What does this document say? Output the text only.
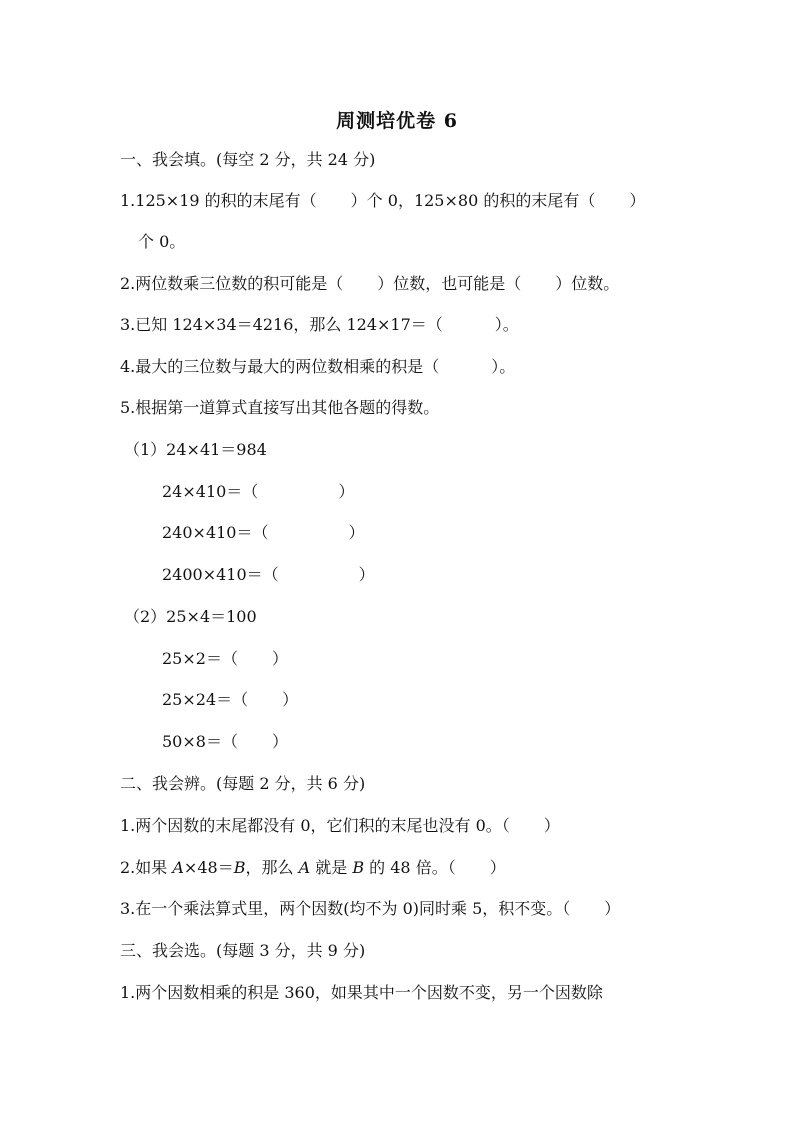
周测培优卷 6
一、我会填。(每空 2 分，共 24 分)
1.125×19 的积的末尾有（ ）个 0，125×80 的积的末尾有（ ）
个 0。
2.两位数乘三位数的积可能是（ ）位数，也可能是（ ）位数。
3.已知 124×34＝4216，那么 124×17＝（	）。
4.最大的三位数与最大的两位数相乘的积是（	）。
5.根据第一道算式直接写出其他各题的得数。
（1）24×41＝984
24×410＝（	）
240×410＝（	）
2400×410＝（	）
（2）25×4＝100
25×2＝（ ）
25×24＝（ ）
50×8＝（ ）
二、我会辨。(每题 2 分，共 6 分)
1.两个因数的末尾都没有 0，它们积的末尾也没有 0。（ ）
2.如果 A×48＝B，那么 A 就是 B 的 48 倍。（ ）
3.在一个乘法算式里，两个因数(均不为 0)同时乘 5，积不变。（ ）
三、我会选。(每题 3 分，共 9 分)
1.两个因数相乘的积是 360，如果其中一个因数不变，另一个因数除
